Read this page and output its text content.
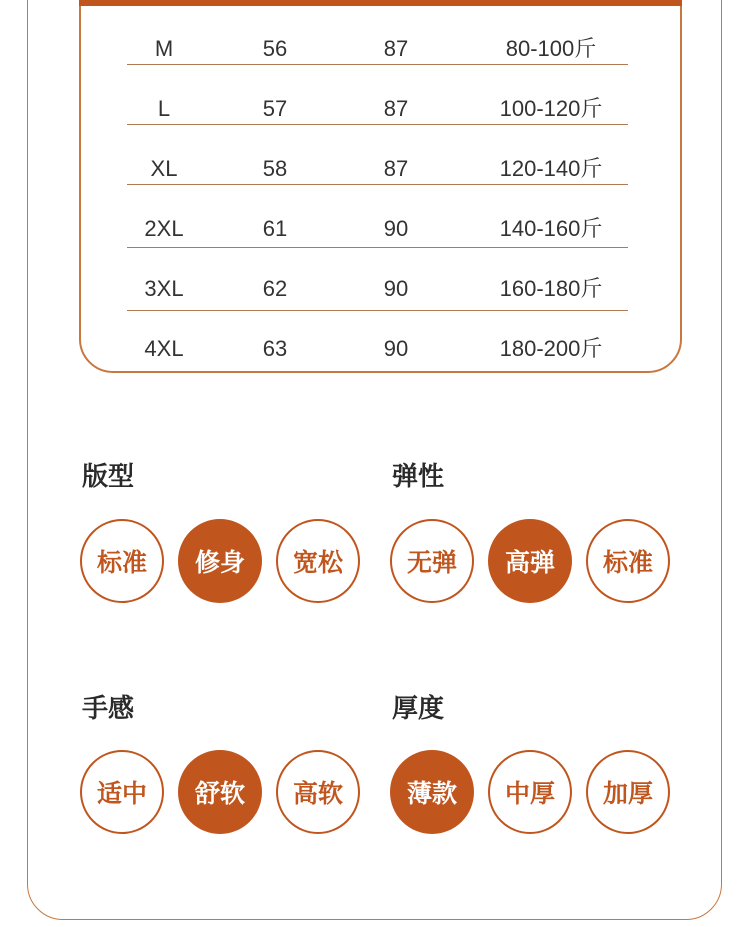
M	56	87	80-100斤
L	57	87	100-120斤
XL	58	87	120-140斤
2XL	61	90	140-160斤
3XL	62	90	160-180斤
4XL	63	90	180-200斤
版型
标准	修身	宽松
弹性
无弹	高弹	标准
手感
适中	舒软	高软
厚度
薄款	中厚	加厚
